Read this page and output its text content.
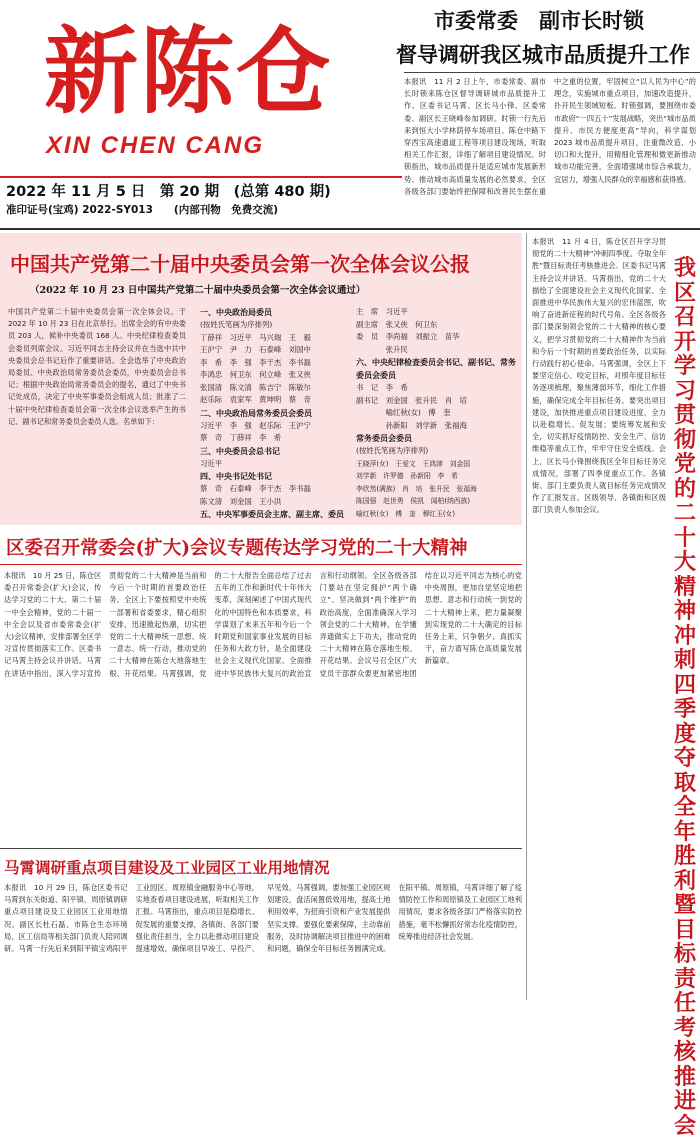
新陈仓
XIN CHEN CANG
2022 年 11 月 5 日　第 20 期　(总第 480 期)
准印证号(宝鸡) 2022-SY013　　(内部刊物　免费交流)
市委常委　副市长时锁
督导调研我区城市品质提升工作
本报讯　11 月 2 日上午，市委常委、副市长时锁来陈仓区督导调研城市品质提升工作。区委书记马霄、区长马小锋、区委常委、副区长王晓峰参加调研。时锁一行先后来到恒大小学林荫停车场项目、陈仓中路下穿西宝高速通道工程等项目建设现场，听取相关工作汇报，详细了解项目建设情况。时锁指出，城市品质提升是适应城市发展新形势、推动城市高质量发展的必然要求，全区各级各部门要始终把保障和改善民生摆在重中之重的位置，牢固树立“以人民为中心”的理念，实施城市重点项目，加速改造提升，扑开民生领域短板。时锁强调，要围绕市委市政府“一四五十”发展战略，突出“城市品质提升、市民方便度更高”导向，科学谋划 2023 城市品质提升项目，注重微改造、小切口和大提升，用精细化管理和微更新推动城市功能完善，全面增强城市综合承载力，宜居力，增强人民群众的幸福感和获得感。
中国共产党第二十届中央委员会第一次全体会议公报
（2022 年 10 月 23 日中国共产党第二十届中央委员会第一次全体会议通过）
中国共产党第二十届中央委员会第一次全体会议，于 2022 年 10 月 23 日在北京举行。出席全会的有中央委员 203 人，候补中央委员 168 人。中央纪律检查委员会委员列席会议。习近平同志主持会议并在当选中共中央委员会总书记后作了重要讲话。全会选举了中央政治局委员、中央政治局常务委员会委员，中央委员会总书记；根据中央政治局常务委员会的提名，通过了中央书记处成员，决定了中央军事委员会组成人员；批准了二十届中央纪律检查委员会第一次全体会议选举产生的书记、副书记和常务委员会委员人选。名单如下：
一、中央政治局委员
(按姓氏笔画为序排列)
丁薛祥　习近平　马兴瑞　王　毅
王沪宁　尹　力　石泰峰　刘国中
李　希　李　强　李干杰　李书磊
李鸿忠　何卫东　何立峰　张又侠
张国清　陈文清　陈吉宁　陈敏尔
赵乐际　袁家军　黄坤明　蔡　奇
二、中央政治局常务委员会委员
习近平　李　强　赵乐际　王沪宁
蔡　奇　丁薛祥　李　希
三、中央委员会总书记
习近平
四、中央书记处书记
蔡　奇　石泰峰　李干杰　李书磊
陈文清　刘金国　王小洪
五、中央军事委员会主席、副主席、委员
主　席　习近平
副主席　张又侠　何卫东
委　员　李尚福　刘振立　苗华
　　　　张升民
六、中央纪律检查委员会书记、副书记、常务委员会委员
书　记　李　希
副书记　刘金国　张升民　肖　培
　　　　喻红秋(女)　傅　奎
　　　　孙新阳　刘学新　张福海
常务委员会委员
(按姓氏笔画为序排列)
王晓萍(女)　王爱文　王鸿津　刘金国
刘学新　许罗德　孙新阳　李　希
李欣然(满族)　肖　培　张升民　张福海
陈国强　赵世勇　侯凯　闻柏(纳西族)
喻红秋(女)　傅　奎　穆红玉(女)
区委召开常委会(扩大)会议专题传达学习党的二十大精神
本报讯　10 月 25 日，陈仓区委召开常委会(扩大)会议，传达学习党的二十大、第二十届一中全会精神，党的二十届一中全会以及省市委常委会(扩大)会议精神，安排部署全区学习宣传贯彻落实工作。区委书记马霄主持会议并讲话。马霄在讲话中指出，深入学习宣传贯彻党的二十大精神是当前和今后一个时期的首要政治任务。全区上下要按照党中央统一部署和省委要求，精心组织安排，迅速掀起热潮，切实把党的二十大精神统一思想、统一意志、统一行动，推动党的二十大精神在陈仓大地落地生根、开花结果。马霄强调，党的二十大报告全面总结了过去五年的工作和新时代十年伟大变革，深刻阐述了中国式现代化的中国特色和本质要求，科学谋划了未来五年和今后一个时期党和国家事业发展的目标任务和大政方针，是全面建设社会主义现代化国家、全面推进中华民族伟大复兴的政治宣言和行动纲领。全区各级各部门要站在坚定拥护“两个确立”、坚决做到“两个维护”的政治高度，全面准确深入学习领会党的二十大精神，在学懂弄通做实上下功夫，推动党的二十大精神在陈仓落地生根、开花结果。会议号召全区广大党员干部群众要更加紧密地团结在以习近平同志为核心的党中央周围，更加自觉坚定地把思想、意志和行动统一到党的二十大精神上来，把力量凝聚到实现党的二十大确定的目标任务上来，只争朝夕、真抓实干，奋力谱写陈仓高质量发展新篇章。
我区召开学习贯彻党的二十大精神冲刺四季度夺取全年胜利暨目标责任考核推进会
本报讯　11 月 4 日，陈仓区召开学习贯彻党的二十大精神“冲刺四季度、夺取全年胜”暨目标责任考核推进会。区委书记马霄主持会议并讲话。马霄指出，党的二十大描绘了全面建设社会主义现代化国家、全面推进中华民族伟大复兴的宏伟蓝图，吹响了奋进新征程的时代号角。全区各级各部门要深刻领会党的二十大精神的核心要义，把学习贯彻党的二十大精神作为当前和今后一个时期的首要政治任务，以实际行动践行初心使命。马霄强调，全区上下要坚定信心、咬定目标，对照年度目标任务逐项梳理，聚焦薄弱环节，细化工作措施，确保完成全年目标任务。要突出项目建设，加快推进重点项目建设进度，全力以赴稳增长、促发展；要统筹发展和安全，切实抓好疫情防控、安全生产、信访维稳等重点工作，牢牢守住安全底线。会上，区长马小锋围绕我区全年目标任务完成情况，部署了四季度重点工作。各镇街、部门主要负责人就目标任务完成情况作了汇报发言。区级领导、各镇街和区级部门负责人参加会议。
马霄调研重点项目建设及工业园区工业用地情况
本报讯　10 月 29 日，陈仓区委书记马霄到东关街道、阳平镇、周原镇调研重点项目建设及工业园区工业用地情况。副区长杜石磊、市陈仓生态环境局、区工信局等相关部门负责人陪同调研。马霄一行先后来到阳平镇宝鸡阳平工业园区、周原镇金融服务中心等地，实地查看项目建设进展，听取相关工作汇报。马霄指出，重点项目是稳增长、促发展的重要支撑，各镇街、各部门要强化责任担当，全力以赴推动项目建设提速增效，确保项目早竣工、早投产、早见效。马霄强调，要加强工业园区规划建设，盘活闲置低效用地，提高土地利用效率，为招商引资和产业发展提供坚实支撑。要强化要素保障，主动靠前服务，及时协调解决项目推进中的困难和问题，确保全年目标任务圆满完成。在阳平镇、周原镇，马霄详细了解了疫情防控工作和周原镇及工业园区工地利用情况，要求各级各部门严格落实防控措施，毫不松懈抓好常态化疫情防控，统筹推进经济社会发展。
